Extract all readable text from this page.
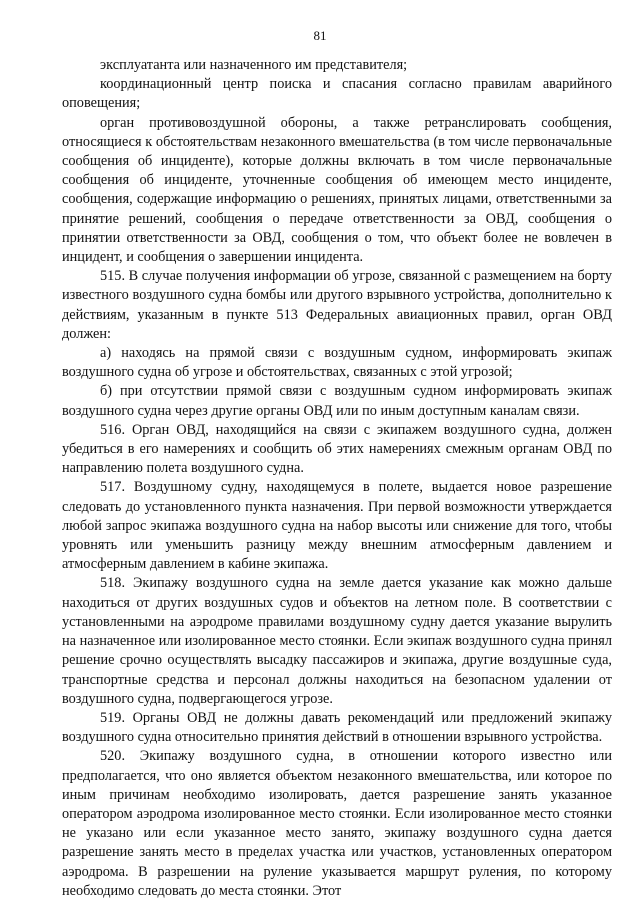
81

эксплуатанта или назначенного им представителя;

координационный центр поиска и спасания согласно правилам аварийного оповещения;

орган противовоздушной обороны, а также ретранслировать сообщения, относящиеся к обстоятельствам незаконного вмешательства (в том числе первоначальные сообщения об инциденте), которые должны включать в том числе первоначальные сообщения об инциденте, уточненные сообщения об имеющем место инциденте, сообщения, содержащие информацию о решениях, принятых лицами, ответственными за принятие решений, сообщения о передаче ответственности за ОВД, сообщения о принятии ответственности за ОВД, сообщения о том, что объект более не вовлечен в инцидент, и сообщения о завершении инцидента.

515. В случае получения информации об угрозе, связанной с размещением на борту известного воздушного судна бомбы или другого взрывного устройства, дополнительно к действиям, указанным в пункте 513 Федеральных авиационных правил, орган ОВД должен:

а) находясь на прямой связи с воздушным судном, информировать экипаж воздушного судна об угрозе и обстоятельствах, связанных с этой угрозой;

б) при отсутствии прямой связи с воздушным судном информировать экипаж воздушного судна через другие органы ОВД или по иным доступным каналам связи.

516. Орган ОВД, находящийся на связи с экипажем воздушного судна, должен убедиться в его намерениях и сообщить об этих намерениях смежным органам ОВД по направлению полета воздушного судна.

517. Воздушному судну, находящемуся в полете, выдается новое разрешение следовать до установленного пункта назначения. При первой возможности утверждается любой запрос экипажа воздушного судна на набор высоты или снижение для того, чтобы уровнять или уменьшить разницу между внешним атмосферным давлением и атмосферным давлением в кабине экипажа.

518. Экипажу воздушного судна на земле дается указание как можно дальше находиться от других воздушных судов и объектов на летном поле. В соответствии с установленными на аэродроме правилами воздушному судну дается указание вырулить на назначенное или изолированное место стоянки. Если экипаж воздушного судна принял решение срочно осуществлять высадку пассажиров и экипажа, другие воздушные суда, транспортные средства и персонал должны находиться на безопасном удалении от воздушного судна, подвергающегося угрозе.

519. Органы ОВД не должны давать рекомендаций или предложений экипажу воздушного судна относительно принятия действий в отношении взрывного устройства.

520. Экипажу воздушного судна, в отношении которого известно или предполагается, что оно является объектом незаконного вмешательства, или которое по иным причинам необходимо изолировать, дается разрешение занять указанное оператором аэродрома изолированное место стоянки. Если изолированное место стоянки не указано или если указанное место занято, экипажу воздушного судна дается разрешение занять место в пределах участка или участков, установленных оператором аэродрома. В разрешении на руление указывается маршрут руления, по которому необходимо следовать до места стоянки. Этот
